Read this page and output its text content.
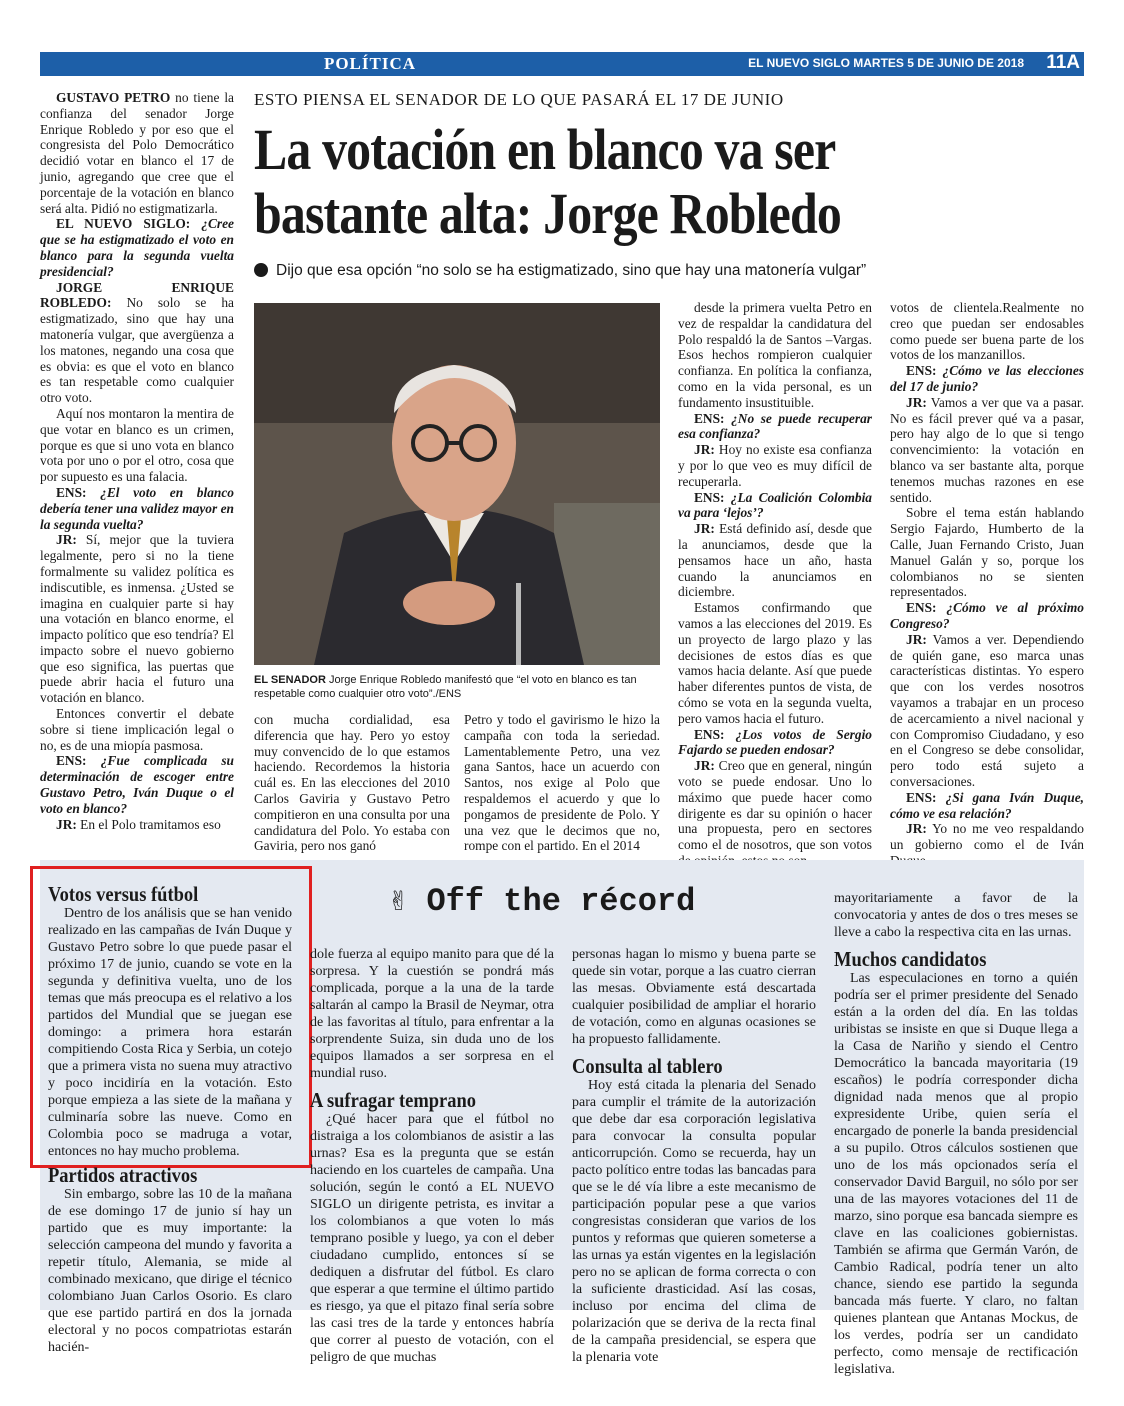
POLÍTICA	EL NUEVO SIGLO MARTES 5 DE JUNIO DE 2018 11A

GUSTAVO PETRO no tiene la confianza del senador Jorge Enrique Robledo y por eso que el congresista del Polo Democrático decidió votar en blanco el 17 de junio, agregando que cree que el porcentaje de la votación en blanco será alta. Pidió no estigmatizarla.

EL NUEVO SIGLO: ¿Cree que se ha estigmatizado el voto en blanco para la segunda vuelta presidencial?

JORGE ENRIQUE ROBLEDO: No solo se ha estigmatizado, sino que hay una matonería vulgar, que avergüenza a los matones, negando una cosa que es obvia: es que el voto en blanco es tan respetable como cualquier otro voto.

Aquí nos montaron la mentira de que votar en blanco es un crimen, porque es que si uno vota en blanco vota por uno o por el otro, cosa que por supuesto es una falacia.

ENS: ¿El voto en blanco debería tener una validez mayor en la segunda vuelta?

JR: Sí, mejor que la tuviera legalmente, pero si no la tiene formalmente su validez política es indiscutible, es inmensa. ¿Usted se imagina en cualquier parte si hay una votación en blanco enorme, el impacto político que eso tendría? El impacto sobre el nuevo gobierno que eso significa, las puertas que puede abrir hacia el futuro una votación en blanco.

Entonces convertir el debate sobre si tiene implicación legal o no, es de una miopía pasmosa.

ENS: ¿Fue complicada su determinación de escoger entre Gustavo Petro, Iván Duque o el voto en blanco?

JR: En el Polo tramitamos eso

ESTO PIENSA EL SENADOR DE LO QUE PASARÁ EL 17 DE JUNIO
La votación en blanco va ser
bastante alta: Jorge Robledo
Dijo que esa opción “no solo se ha estigmatizado, sino que hay una matonería vulgar”
EL SENADOR Jorge Enrique Robledo manifestó que “el voto en blanco es tan respetable como cualquier otro voto”./ENS

con mucha cordialidad, esa diferencia que hay. Pero yo estoy muy convencido de lo que estamos haciendo. Recordemos la historia cuál es. En las elecciones del 2010 Carlos Gaviria y Gustavo Petro compitieron en una consulta por una candidatura del Polo. Yo estaba con Gaviria, pero nos ganó

Petro y todo el gavirismo le hizo la campaña con toda la seriedad. Lamentablemente Petro, una vez gana Santos, hace un acuerdo con Santos, nos exige al Polo que respaldemos el acuerdo y que lo pongamos de presidente de Polo. Y una vez que le decimos que no, rompe con el partido. En el 2014

desde la primera vuelta Petro en vez de respaldar la candidatura del Polo respaldó la de Santos –Vargas. Esos hechos rompieron cualquier confianza. En política la confianza, como en la vida personal, es un fundamento insustituible.

ENS: ¿No se puede recuperar esa confianza?

JR: Hoy no existe esa confianza y por lo que veo es muy difícil de recuperarla.

ENS: ¿La Coalición Colombia va para ‘lejos’?

JR: Está definido así, desde que la anunciamos, desde que la pensamos hace un año, hasta cuando la anunciamos en diciembre.

Estamos confirmando que vamos a las elecciones del 2019. Es un proyecto de largo plazo y las decisiones de estos días es que vamos hacia delante. Así que puede haber diferentes puntos de vista, de cómo se vota en la segunda vuelta, pero vamos hacia el futuro.

ENS: ¿Los votos de Sergio Fajardo se pueden endosar?

JR: Creo que en general, ningún voto se puede endosar. Uno lo máximo que puede hacer como dirigente es dar su opinión o hacer una propuesta, pero en sectores como el de nosotros, que son votos

votos de clientela.Realmente no creo que puedan ser endosables como puede ser buena parte de los votos de los manzanillos.

ENS: ¿Cómo ve las elecciones del 17 de junio?

JR: Vamos a ver que va a pasar. No es fácil prever qué va a pasar, pero hay algo de lo que si tengo convencimiento: la votación en blanco va ser bastante alta, porque tenemos muchas razones en ese sentido.

Sobre el tema están hablando Sergio Fajardo, Humberto de la Calle, Juan Fernando Cristo, Juan Manuel Galán y so, porque los colombianos no se sienten representados.

ENS: ¿Cómo ve al próximo Congreso?

JR: Vamos a ver. Dependiendo de quién gane, eso marca unas características distintas. Yo espero que con los verdes nosotros vayamos a trabajar en un proceso de acercamiento a nivel nacional y con Compromiso Ciudadano, y eso en el Congreso se debe consolidar, pero todo está sujeto a conversaciones.

ENS: ¿Si gana Iván Duque, cómo ve esa relación?

JR: Yo no me veo respaldando un gobierno como el de Iván

✌ Off the récord
Votos versus fútbol

Dentro de los análisis que se han venido realizado en las campañas de Iván Duque y Gustavo Petro sobre lo que puede pasar el próximo 17 de junio, cuando se vote en la segunda y definitiva vuelta, uno de los temas que más preocupa es el relativo a los partidos del Mundial que se juegan ese domingo: a primera hora estarán compitiendo Costa Rica y Serbia, un cotejo que a primera vista no suena muy atractivo y poco incidiría en la votación. Esto porque empieza a las siete de la mañana y culminaría sobre las nueve. Como en Colombia poco se madruga a votar, entonces no hay mucho problema.

Partidos atractivos

Sin embargo, sobre las 10 de la mañana de ese domingo 17 de junio sí hay un partido que es muy importante: la selección campeona del mundo y favorita a repetir título, Alemania, se mide al combinado mexicano, que dirige el técnico colombiano Juan Carlos Osorio. Es claro que ese partido partirá en dos la jornada electoral y no pocos compatriotas estarán hacién-

dole fuerza al equipo manito para que dé la sorpresa. Y la cuestión se pondrá más complicada, porque a la una de la tarde saltarán al campo la Brasil de Neymar, otra de las favoritas al título, para enfrentar a la sorprendente Suiza, sin duda uno de los equipos llamados a ser sorpresa en el mundial ruso.

A sufragar temprano

¿Qué hacer para que el fútbol no distraiga a los colombianos de asistir a las urnas? Esa es la pregunta que se están haciendo en los cuarteles de campaña. Una solución, según le contó a EL NUEVO SIGLO un dirigente petrista, es invitar a los colombianos a que voten lo más temprano posible y luego, ya con el deber ciudadano cumplido, entonces sí se dediquen a disfrutar del fútbol. Es claro que esperar a que termine el último partido es riesgo, ya que el pitazo final sería sobre las casi tres de la tarde y entonces habría que correr al puesto de votación, con el peligro de que muchas

personas hagan lo mismo y buena parte se quede sin votar, porque a las cuatro cierran las mesas. Obviamente está descartada cualquier posibilidad de ampliar el horario de votación, como en algunas ocasiones se ha propuesto fallidamente.

Consulta al tablero

Hoy está citada la plenaria del Senado para cumplir el trámite de la autorización que debe dar esa corporación legislativa para convocar la consulta popular anticorrupción. Como se recuerda, hay un pacto político entre todas las bancadas para que se le dé vía libre a este mecanismo de participación popular pese a que varios congresistas consideran que varios de los puntos y reformas que quieren someterse a las urnas ya están vigentes en la legislación pero no se aplican de forma correcta o con la suficiente drasticidad. Así las cosas, incluso por encima del clima de polarización que se deriva de la recta final de la campaña presidencial, se espera que la plenaria vote

mayoritariamente a favor de la convocatoria y antes de dos o tres meses se lleve a cabo la respectiva cita en las urnas.

Muchos candidatos

Las especulaciones en torno a quién podría ser el primer presidente del Senado están a la orden del día. En las toldas uribistas se insiste en que si Duque llega a la Casa de Nariño y siendo el Centro Democrático la bancada mayoritaria (19 escaños) le podría corresponder dicha dignidad nada menos que al propio expresidente Uribe, quien sería el encargado de ponerle la banda presidencial a su pupilo. Otros cálculos sostienen que uno de los más opcionados sería el conservador David Barguil, no sólo por ser una de las mayores votaciones del 11 de marzo, sino porque esa bancada siempre es clave en las coaliciones gobiernistas. También se afirma que Germán Varón, de Cambio Radical, podría tener un alto chance, siendo ese partido la segunda bancada más fuerte. Y claro, no faltan quienes plantean que Antanas Mockus, de los verdes, podría ser un candidato perfecto, como mensaje de rectificación legislativa.
